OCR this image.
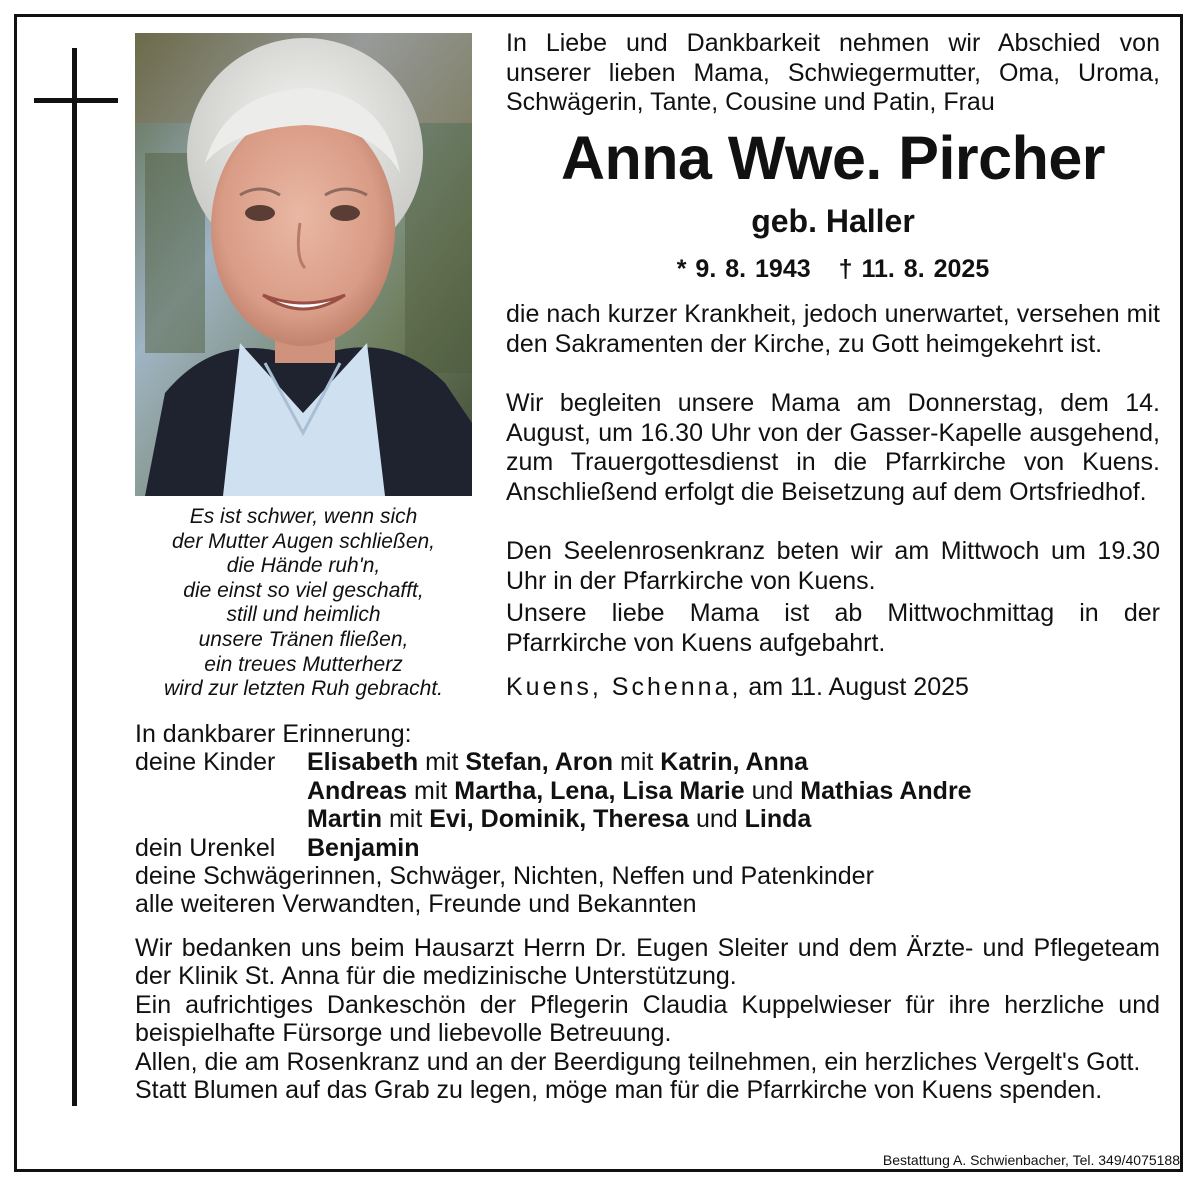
Es ist schwer, wenn sich
der Mutter Augen schließen,
die Hände ruh'n,
die einst so viel geschafft,
still und heimlich
unsere Tränen fließen,
ein treues Mutterherz
wird zur letzten Ruh gebracht.
In Liebe und Dankbarkeit nehmen wir Abschied von unserer lieben Mama, Schwiegermutter, Oma, Uroma, Schwägerin, Tante, Cousine und Patin, Frau
Anna Wwe. Pircher
geb. Haller
* 9. 8. 1943 † 11. 8. 2025
die nach kurzer Krankheit, jedoch unerwartet, versehen mit den Sakramenten der Kirche, zu Gott heimgekehrt ist.
Wir begleiten unsere Mama am Donnerstag, dem 14. August, um 16.30 Uhr von der Gasser-Kapelle ausgehend, zum Trauergottesdienst in die Pfarrkirche von Kuens. Anschließend erfolgt die Beisetzung auf dem Ortsfriedhof.
Den Seelenrosenkranz beten wir am Mittwoch um 19.30 Uhr in der Pfarrkirche von Kuens.
Unsere liebe Mama ist ab Mittwochmittag in der Pfarrkirche von Kuens aufgebahrt.
Kuens, Schenna, am 11. August 2025
In dankbarer Erinnerung:
deine Kinder	Elisabeth mit Stefan, Aron mit Katrin, Anna
Andreas mit Martha, Lena, Lisa Marie und Mathias Andre
Martin mit Evi, Dominik, Theresa und Linda
dein Urenkel	Benjamin
deine Schwägerinnen, Schwäger, Nichten, Neffen und Patenkinder
alle weiteren Verwandten, Freunde und Bekannten
Wir bedanken uns beim Hausarzt Herrn Dr. Eugen Sleiter und dem Ärzte- und Pflegeteam der Klinik St. Anna für die medizinische Unterstützung.
Ein aufrichtiges Dankeschön der Pflegerin Claudia Kuppelwieser für ihre herzliche und beispielhafte Fürsorge und liebevolle Betreuung.
Allen, die am Rosenkranz und an der Beerdigung teilnehmen, ein herzliches Vergelt's Gott.
Statt Blumen auf das Grab zu legen, möge man für die Pfarrkirche von Kuens spenden.
Bestattung A. Schwienbacher, Tel. 349/4075188
